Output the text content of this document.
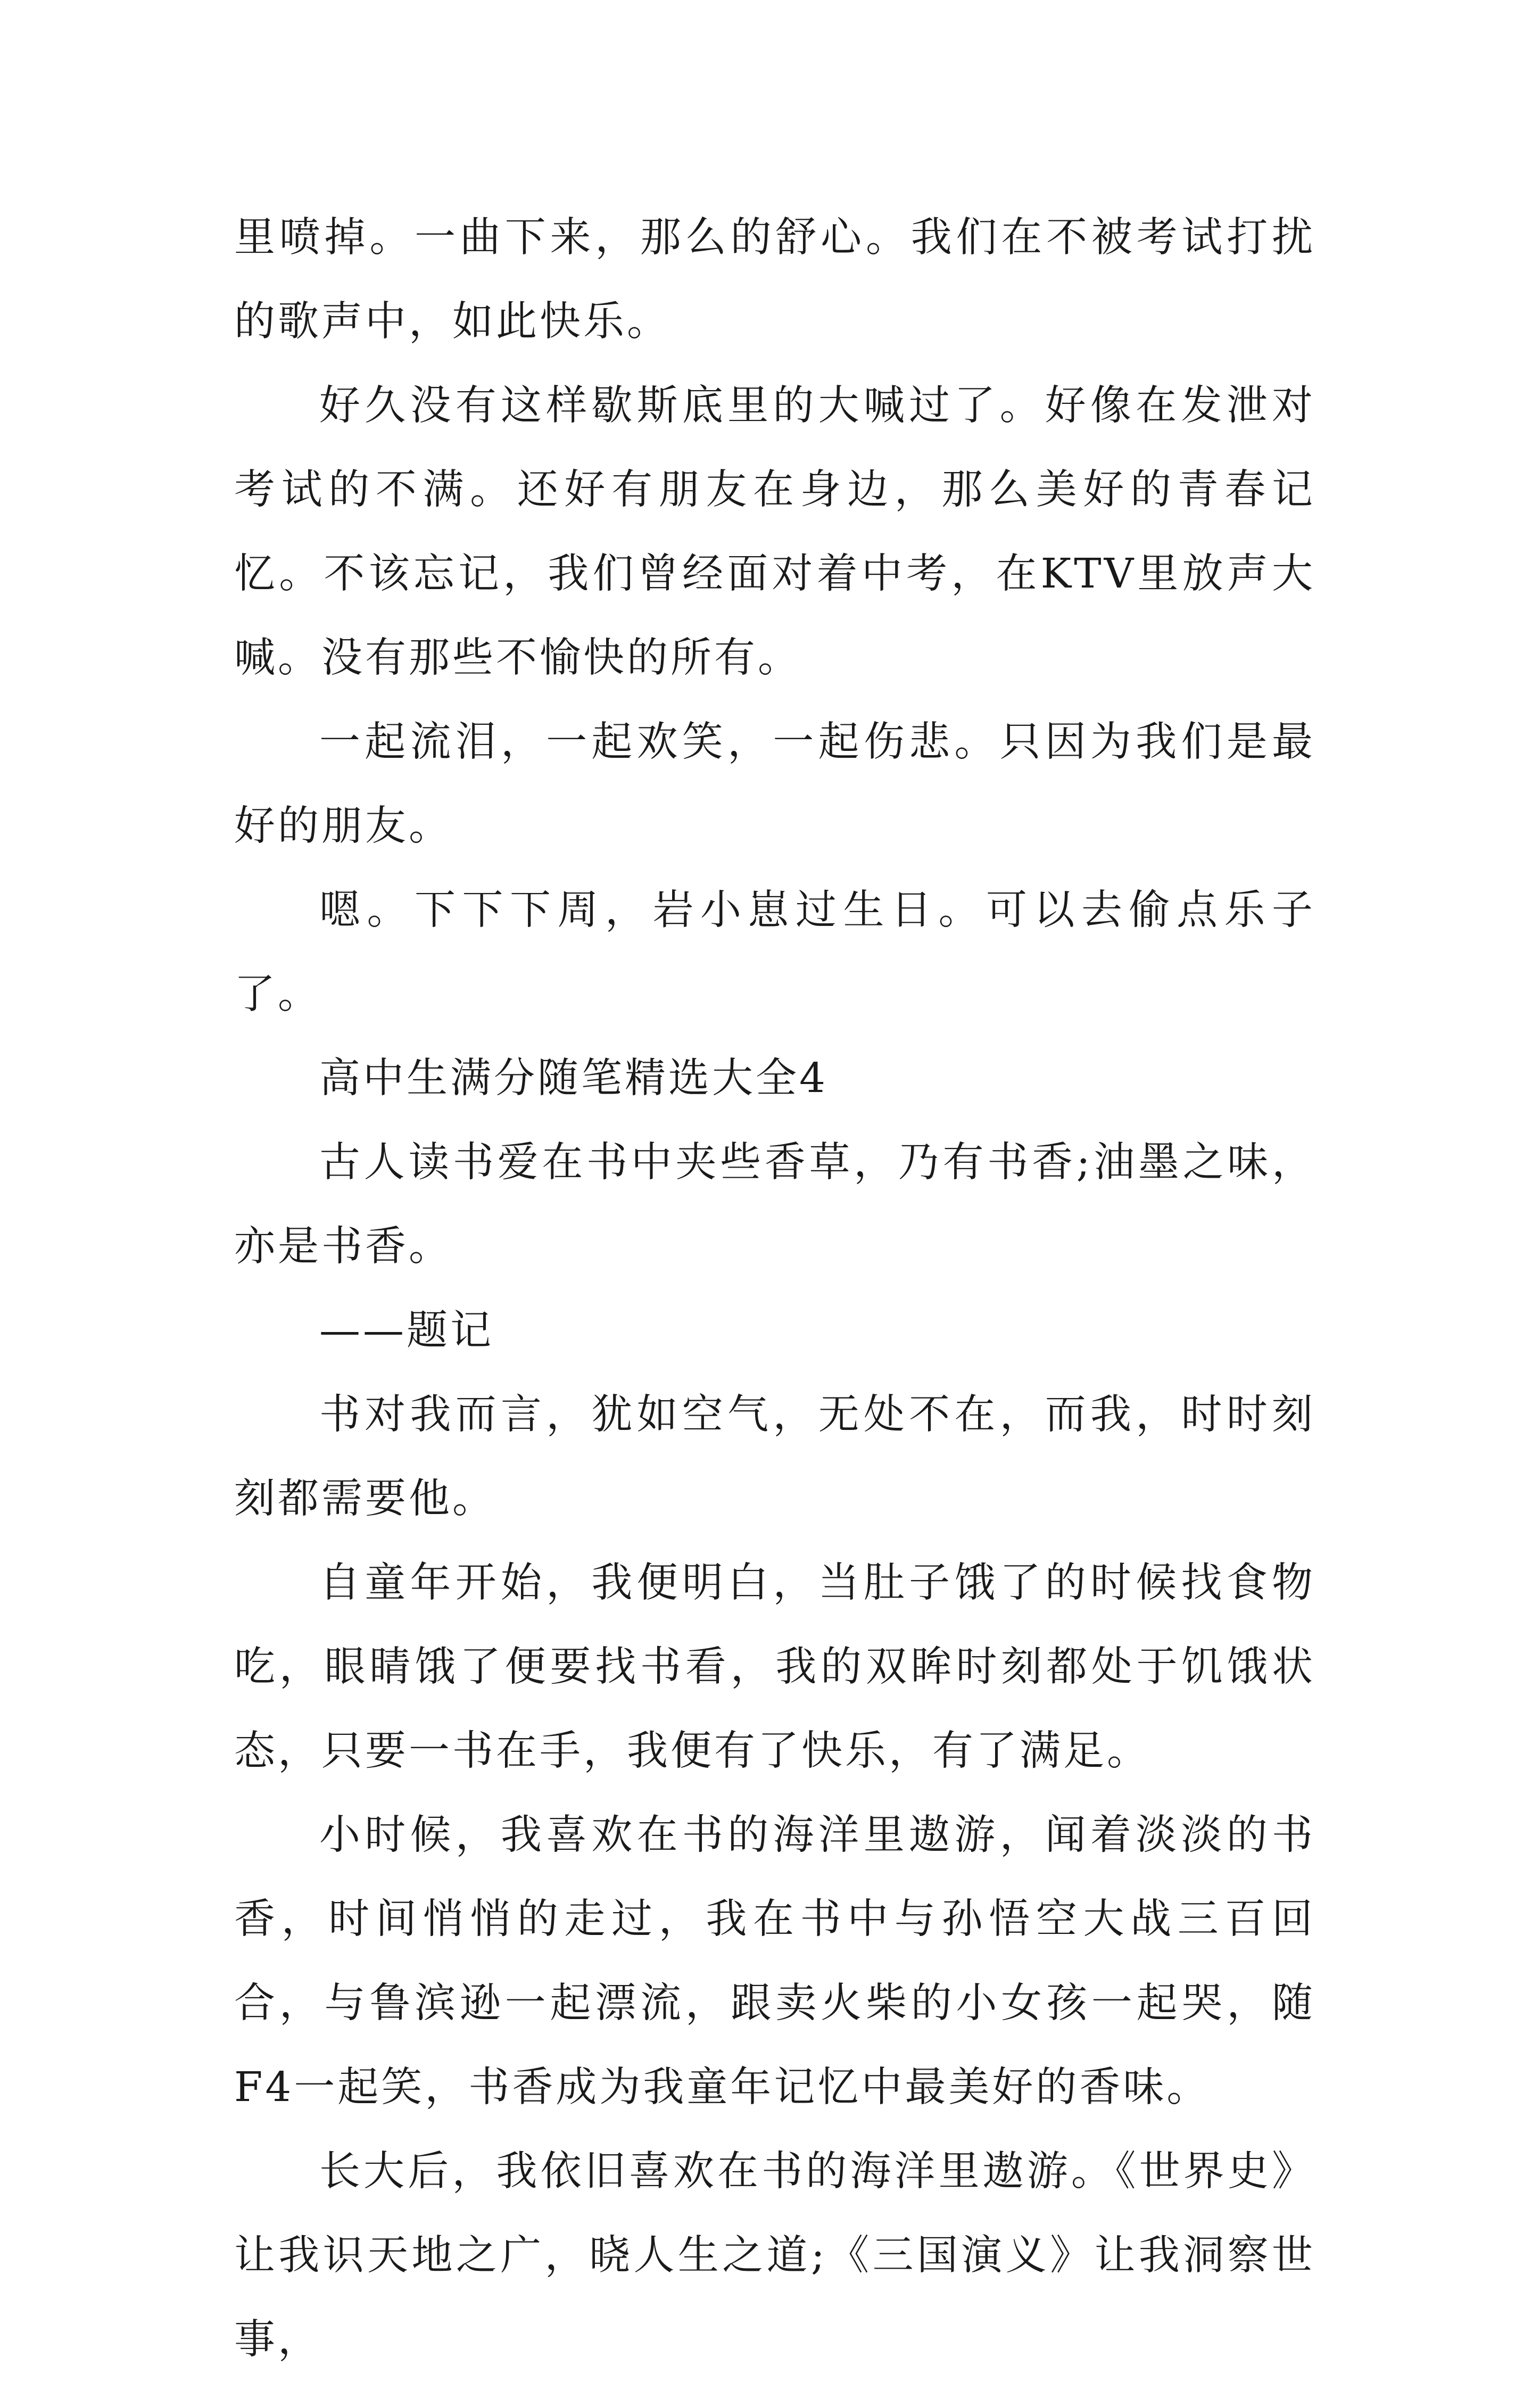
里喷掉。一曲下来，那么的舒心。我们在不被考试打扰的歌声中，如此快乐。

好久没有这样歇斯底里的大喊过了。好像在发泄对考试的不满。还好有朋友在身边，那么美好的青春记忆。不该忘记，我们曾经面对着中考，在KTV里放声大喊。没有那些不愉快的所有。

一起流泪，一起欢笑，一起伤悲。只因为我们是最好的朋友。

嗯。下下下周，岩小崽过生日。可以去偷点乐子了。

高中生满分随笔精选大全4

古人读书爱在书中夹些香草，乃有书香;油墨之味，亦是书香。

——题记

书对我而言，犹如空气，无处不在，而我，时时刻刻都需要他。

自童年开始，我便明白，当肚子饿了的时候找食物吃，眼睛饿了便要找书看，我的双眸时刻都处于饥饿状态，只要一书在手，我便有了快乐，有了满足。

小时候，我喜欢在书的海洋里遨游，闻着淡淡的书香，时间悄悄的走过，我在书中与孙悟空大战三百回合，与鲁滨逊一起漂流，跟卖火柴的小女孩一起哭，随F4一起笑，书香成为我童年记忆中最美好的香味。

长大后，我依旧喜欢在书的海洋里遨游。《世界史》让我识天地之广，晓人生之道;《三国演义》让我洞察世事，
